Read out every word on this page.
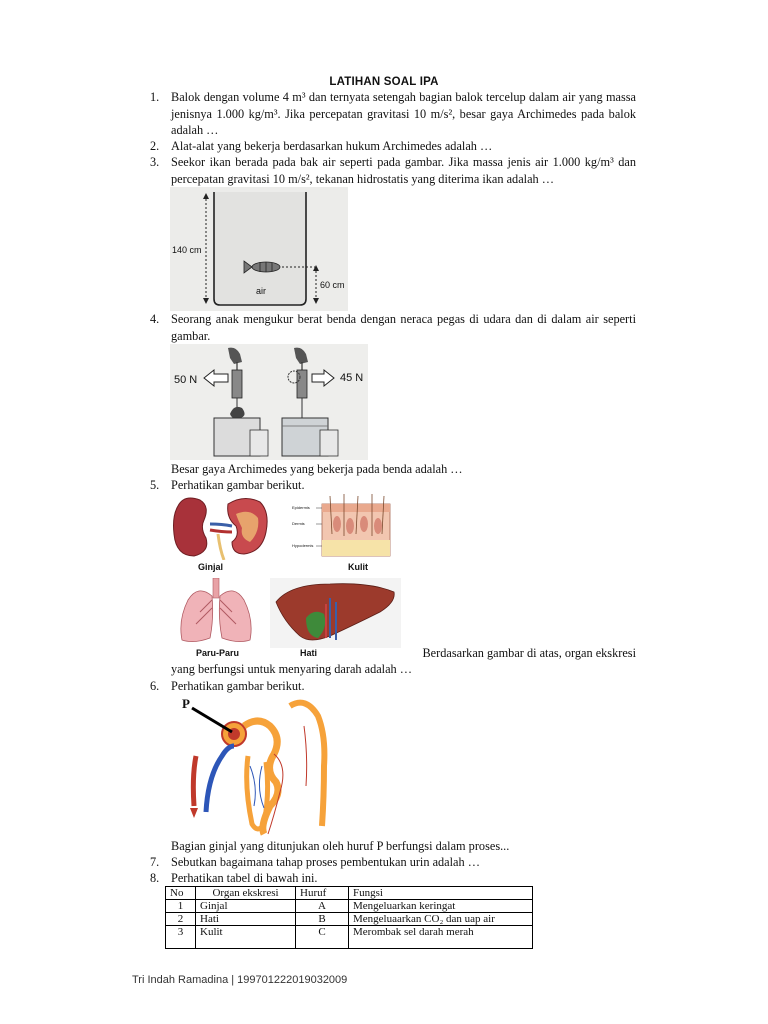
LATIHAN SOAL IPA
1. Balok dengan volume 4 m³ dan ternyata setengah bagian balok tercelup dalam air yang massa jenisnya 1.000 kg/m³. Jika percepatan gravitasi 10 m/s², besar gaya Archimedes pada balok adalah …
2. Alat-alat yang bekerja berdasarkan hukum Archimedes adalah …
3. Seekor ikan berada pada bak air seperti pada gambar. Jika massa jenis air 1.000 kg/m³ dan percepatan gravitasi 10 m/s², tekanan hidrostatis yang diterima ikan adalah …
140 cm
60 cm
air
4. Seorang anak mengukur berat benda dengan neraca pegas di udara dan di dalam air seperti gambar.
50 N	45 N
Besar gaya Archimedes yang bekerja pada benda adalah …
5. Perhatikan gambar berikut.
Ginjal
Epidermis
Dermis
Hypodermis
Kulit
Paru-Paru	Hati	Berdasarkan gambar di atas, organ ekskresi
yang berfungsi untuk menyaring darah adalah …
6. Perhatikan gambar berikut.
P
Bagian ginjal yang ditunjukan oleh huruf P berfungsi dalam proses...
7. Sebutkan bagaimana tahap proses pembentukan urin adalah …
8. Perhatikan tabel di bawah ini.
No	Organ ekskresi	Huruf	Fungsi
1	Ginjal	A	Mengeluarkan keringat
2	Hati	B	Mengeluaarkan CO₂ dan uap air
3	Kulit	C	Merombak sel darah merah
Tri Indah Ramadina | 199701222019032009
